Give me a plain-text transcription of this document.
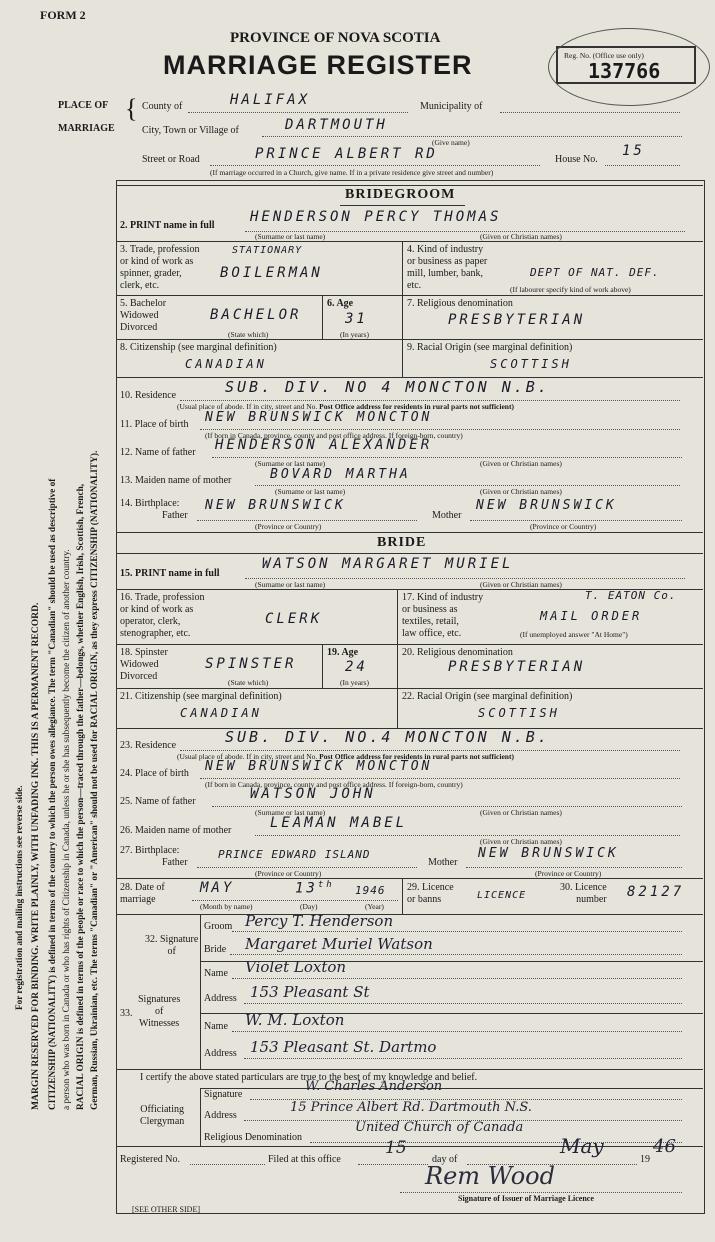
For registration and mailing instructions see reverse side. MARGIN RESERVED FOR BINDING. WRITE PLAINLY, WITH UNFADING INK. THIS IS A PERMANENT RECORD. CITIZENSHIP (NATIONALITY) is defined in terms of the country to which the person owes allegiance. The term "Canadian" should be used as descriptive of a person who was born in Canada or who has rights of Citizenship in Canada, unless he or she has subsequently become the citizen of another country. RACIAL ORIGIN is defined in terms of the people or race to which the person—traced through the father—belongs, whether English, Irish, Scottish, French, German, Russian, Ukrainian, etc. The terms "Canadian" or "American" should not be used for RACIAL ORIGIN, as they express CITIZENSHIP (NATIONALITY).
FORM 2
PROVINCE OF NOVA SCOTIA
MARRIAGE REGISTER	Reg. No. (Office use only)
137766
PLACE OF
MARRIAGE
{ County of	HALIFAX	Municipality of
City, Town or Village of	DARTMOUTH
(Give name)
Street or Road	PRINCE ALBERT RD	House No.
15
(If marriage occurred in a Church, give name. If in a private residence give street and number)
BRIDEGROOM
2. PRINT name in full
HENDERSON PERCY THOMAS
(Surname or last name)	(Given or Christian names)
3. Trade, profession
or kind of work as
spinner, grader,
clerk, etc.
STATIONARY
BOILERMAN
4. Kind of industry
or business as paper
mill, lumber, bank,
etc.
DEPT OF NAT. DEF.
(If labourer specify kind of work above)
5. Bachelor
Widowed
Divorced
BACHELOR
(State which)
6. Age
31
(In years)
7. Religious denomination
PRESBYTERIAN
8. Citizenship (see marginal definition)
CANADIAN
9. Racial Origin (see marginal definition)
SCOTTISH
10. Residence	SUB. DIV. NO 4 MONCTON N.B.
(Usual place of abode. If in city, street and No. Post Office address for residents in rural parts not sufficient)
11. Place of birth NEW BRUNSWICK MONCTON
(If born in Canada, province, county and post office address. If foreign-born, country)
12. Name of father HENDERSON ALEXANDER
(Surname or last name)	(Given or Christian names)
13. Maiden name of mother	BOVARD MARTHA
(Surname or last name)	(Given or Christian names)
14. Birthplace:
Father
NEW BRUNSWICK
(Province or Country)
Mother
NEW BRUNSWICK
(Province or Country)
BRIDE
15. PRINT name in full
WATSON MARGARET MURIEL
(Surname or last name)	(Given or Christian names)
16. Trade, profession
or kind of work as
operator, clerk,
stenographer, etc.
CLERK
17. Kind of industry
or business as
textiles, retail,
law office, etc.
T. EATON Co.
MAIL ORDER
(If unemployed answer "At Home")
18. Spinster
Widowed
Divorced
SPINSTER
(State which)
19. Age
24
(In years)
20. Religious denomination
PRESBYTERIAN
21. Citizenship (see marginal definition)
CANADIAN
22. Racial Origin (see marginal definition)
SCOTTISH
23. Residence	SUB. DIV. NO.4 MONCTON N.B.
(Usual place of abode. If in city, street and No. Post Office address for residents in rural parts not sufficient)
24. Place of birth NEW BRUNSWICK MONCTON
(If born in Canada, province, county and post office address. If foreign-born, country)
25. Name of father	WATSON JOHN
(Surname or last name)	(Given or Christian names)
26. Maiden name of mother	LEAMAN MABEL
(Given or Christian names)
27. Birthplace:
Father
PRINCE EDWARD ISLAND
(Province or Country)
Mother
NEW BRUNSWICK
(Province or Country)
28. Date of
marriage
MAY	13th 1946
(Month by name)	(Day)	(Year)
29. Licence
or banns	LICENCE
30. Licence
number 82127
32. Signature
of
Groom Percy T. Henderson
Bride Margaret Muriel Watson
33.
Signatures
of
Witnesses
Name Violet Loxton
Address 153 Pleasant St
Name W. M. Loxton
Address 153 Pleasant St. Dartmo
I certify the above stated particulars are true to the best of my knowledge and belief.
Officiating
Clergyman
Signature
W. Charles Anderson
Address
15 Prince Albert Rd. Dartmouth N.S.
Religious Denomination
United Church of Canada
Registered No.	Filed at this office
15
day of
May
19
46
Rem Wood
Signature of Issuer of Marriage Licence
[SEE OTHER SIDE]
